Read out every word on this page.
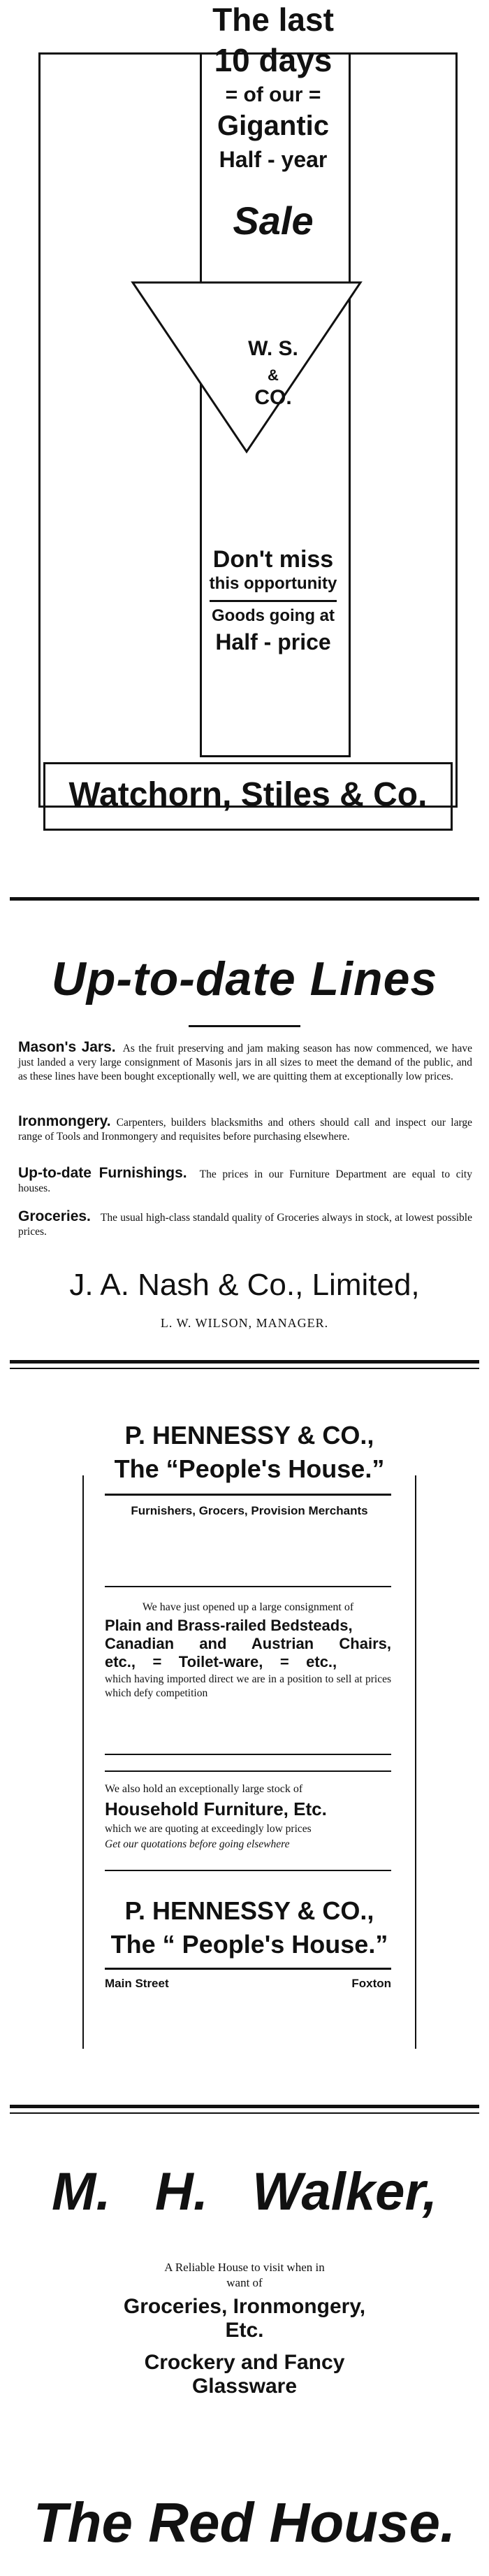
The last
10 days
= of our =
Gigantic
Half - year
Sale
W. S.
&
CO.
Don't miss
this opportunity
Goods going at
Half - price
Watchorn, Stiles & Co.
Up-to-date Lines
Mason's Jars. As the fruit preserving and jam making season has now commenced, we have just landed a very large consignment of Masonis jars in all sizes to meet the demand of the public, and as these lines have been bought exceptionally well, we are quitting them at exceptionally low prices.
Ironmongery. Carpenters, builders blacksmiths and others should call and inspect our large range of Tools and Ironmongery and requisites before purchasing elsewhere.
Up-to-date Furnishings. The prices in our Furniture Department are equal to city houses.
Groceries. The usual high-class standald quality of Groceries always in stock, at lowest possible prices.
J. A. Nash & Co., Limited,
L. W. WILSON, MANAGER.
P. HENNESSY & CO.,
The “People's House.”
Furnishers, Grocers, Provision Merchants
We have just opened up a large consignment of
Plain and Brass-railed Bedsteads,
Canadian and Austrian Chairs,
etc.,    =    Toilet-ware,    =    etc.,
which having imported direct we are in a position to sell at prices which defy competition
We also hold an exceptionally large stock of
Household Furniture, Etc.
which we are quoting at exceedingly low prices
Get our quotations before going elsewhere
P. HENNESSY & CO.,
The “ People's House.”
Main Street	Foxton
M.   H.   Walker,
A Reliable House to visit when in want of
Groceries, Ironmongery,
Etc.
Crockery and Fancy
Glassware
The Red House.
